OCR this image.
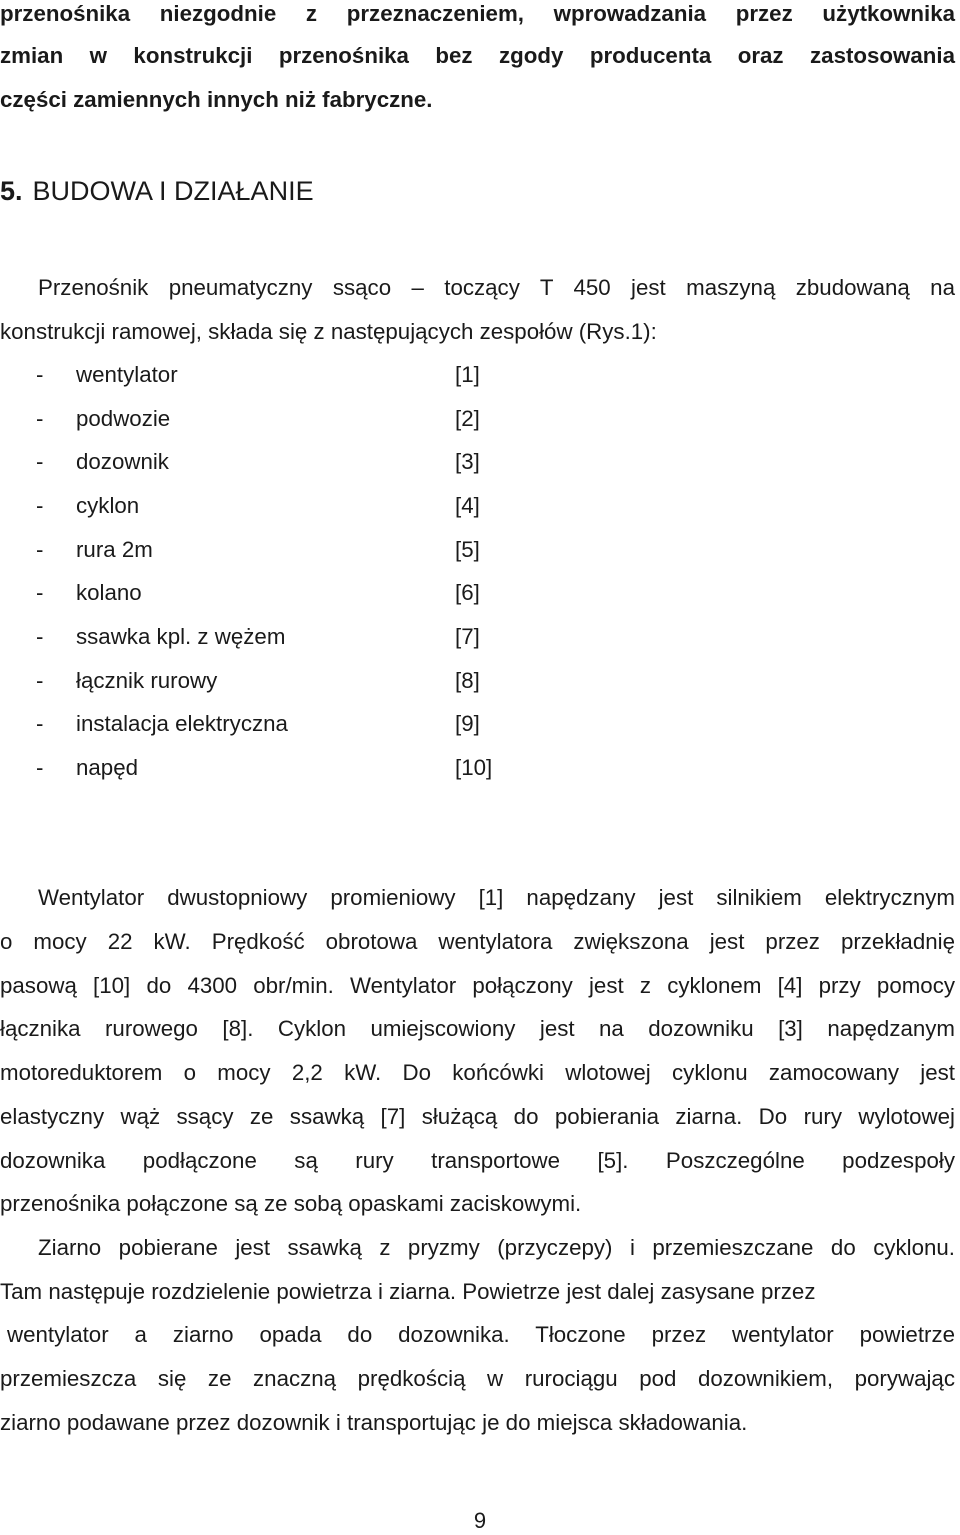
przenośnika niezgodnie z przeznaczeniem, wprowadzania przez użytkownika
zmian w konstrukcji przenośnika bez zgody producenta oraz zastosowania
części zamiennych innych niż fabryczne.
5. BUDOWA I DZIAŁANIE
Przenośnik pneumatyczny ssąco – toczący T 450 jest maszyną zbudowaną na
konstrukcji ramowej, składa się z następujących zespołów (Rys.1):
- wentylator	[1]
- podwozie	[2]
- dozownik	[3]
- cyklon	[4]
- rura 2m	[5]
- kolano	[6]
- ssawka kpl. z wężem	[7]
- łącznik rurowy	[8]
- instalacja elektryczna	[9]
- napęd	[10]
Wentylator dwustopniowy promieniowy [1] napędzany jest silnikiem elektrycznym
o mocy 22 kW. Prędkość obrotowa wentylatora zwiększona jest przez przekładnię
pasową [10] do 4300 obr/min. Wentylator połączony jest z cyklonem [4] przy pomocy
łącznika rurowego [8]. Cyklon umiejscowiony jest na dozowniku [3] napędzanym
motoreduktorem o mocy 2,2 kW. Do końcówki wlotowej cyklonu zamocowany jest
elastyczny wąż ssący ze ssawką [7] służącą do pobierania ziarna. Do rury wylotowej
dozownika podłączone są rury transportowe [5]. Poszczególne podzespoły
przenośnika połączone są ze sobą opaskami zaciskowymi.
Ziarno pobierane jest ssawką z pryzmy (przyczepy) i przemieszczane do cyklonu.
Tam następuje rozdzielenie powietrza i ziarna. Powietrze jest dalej zasysane przez
wentylator a ziarno opada do dozownika. Tłoczone przez wentylator powietrze
przemieszcza się ze znaczną prędkością w rurociągu pod dozownikiem, porywając
ziarno podawane przez dozownik i transportując je do miejsca składowania.
9
